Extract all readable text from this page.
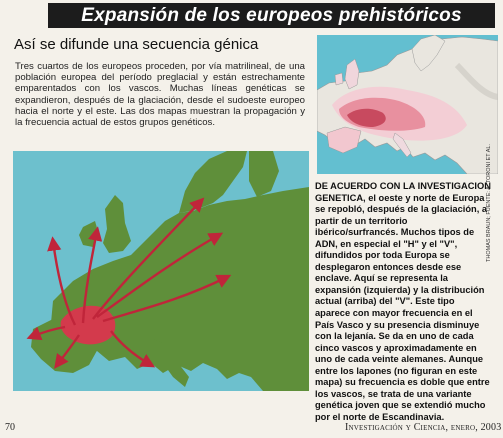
Expansión de los europeos prehistóricos
Así se difunde una secuencia génica
Tres cuartos de los europeos proceden, por vía matrilineal, de una población europea del período preglacial y están estrechamente emparentados con los vascos. Muchas líneas genéticas se expandieron, después de la glaciación, desde el sudoeste europeo hacia el norte y el este. Las dos mapas muestran la propagación y la frecuencia actual de estos grupos genéticos.
DE ACUERDO CON LA INVESTIGACION GENETICA, el oeste y norte de Europa se repobló, después de la glaciación, a partir de un territorio ibérico/surfrancés. Muchos tipos de ADN, en especial el "H" y el "V", difundidos por toda Europa se desplegaron entonces desde ese enclave. Aquí se representa la expansión (izquierda) y la distribución actual (arriba) del "V". Este tipo aparece con mayor frecuencia en el País Vasco y su presencia disminuye con la lejanía. Se da en uno de cada cinco vascos y aproximadamente en uno de cada veinte alemanes. Aunque entre los lapones (no figuran en este mapa) su frecuencia es doble que entre los vascos, se trata de una variante genética joven que se extendió mucho por el norte de Escandinavia.
THOMAS BRAUN; FUENTE: A. TORONI ET AL.
70	Investigación y Ciencia, enero, 2003
